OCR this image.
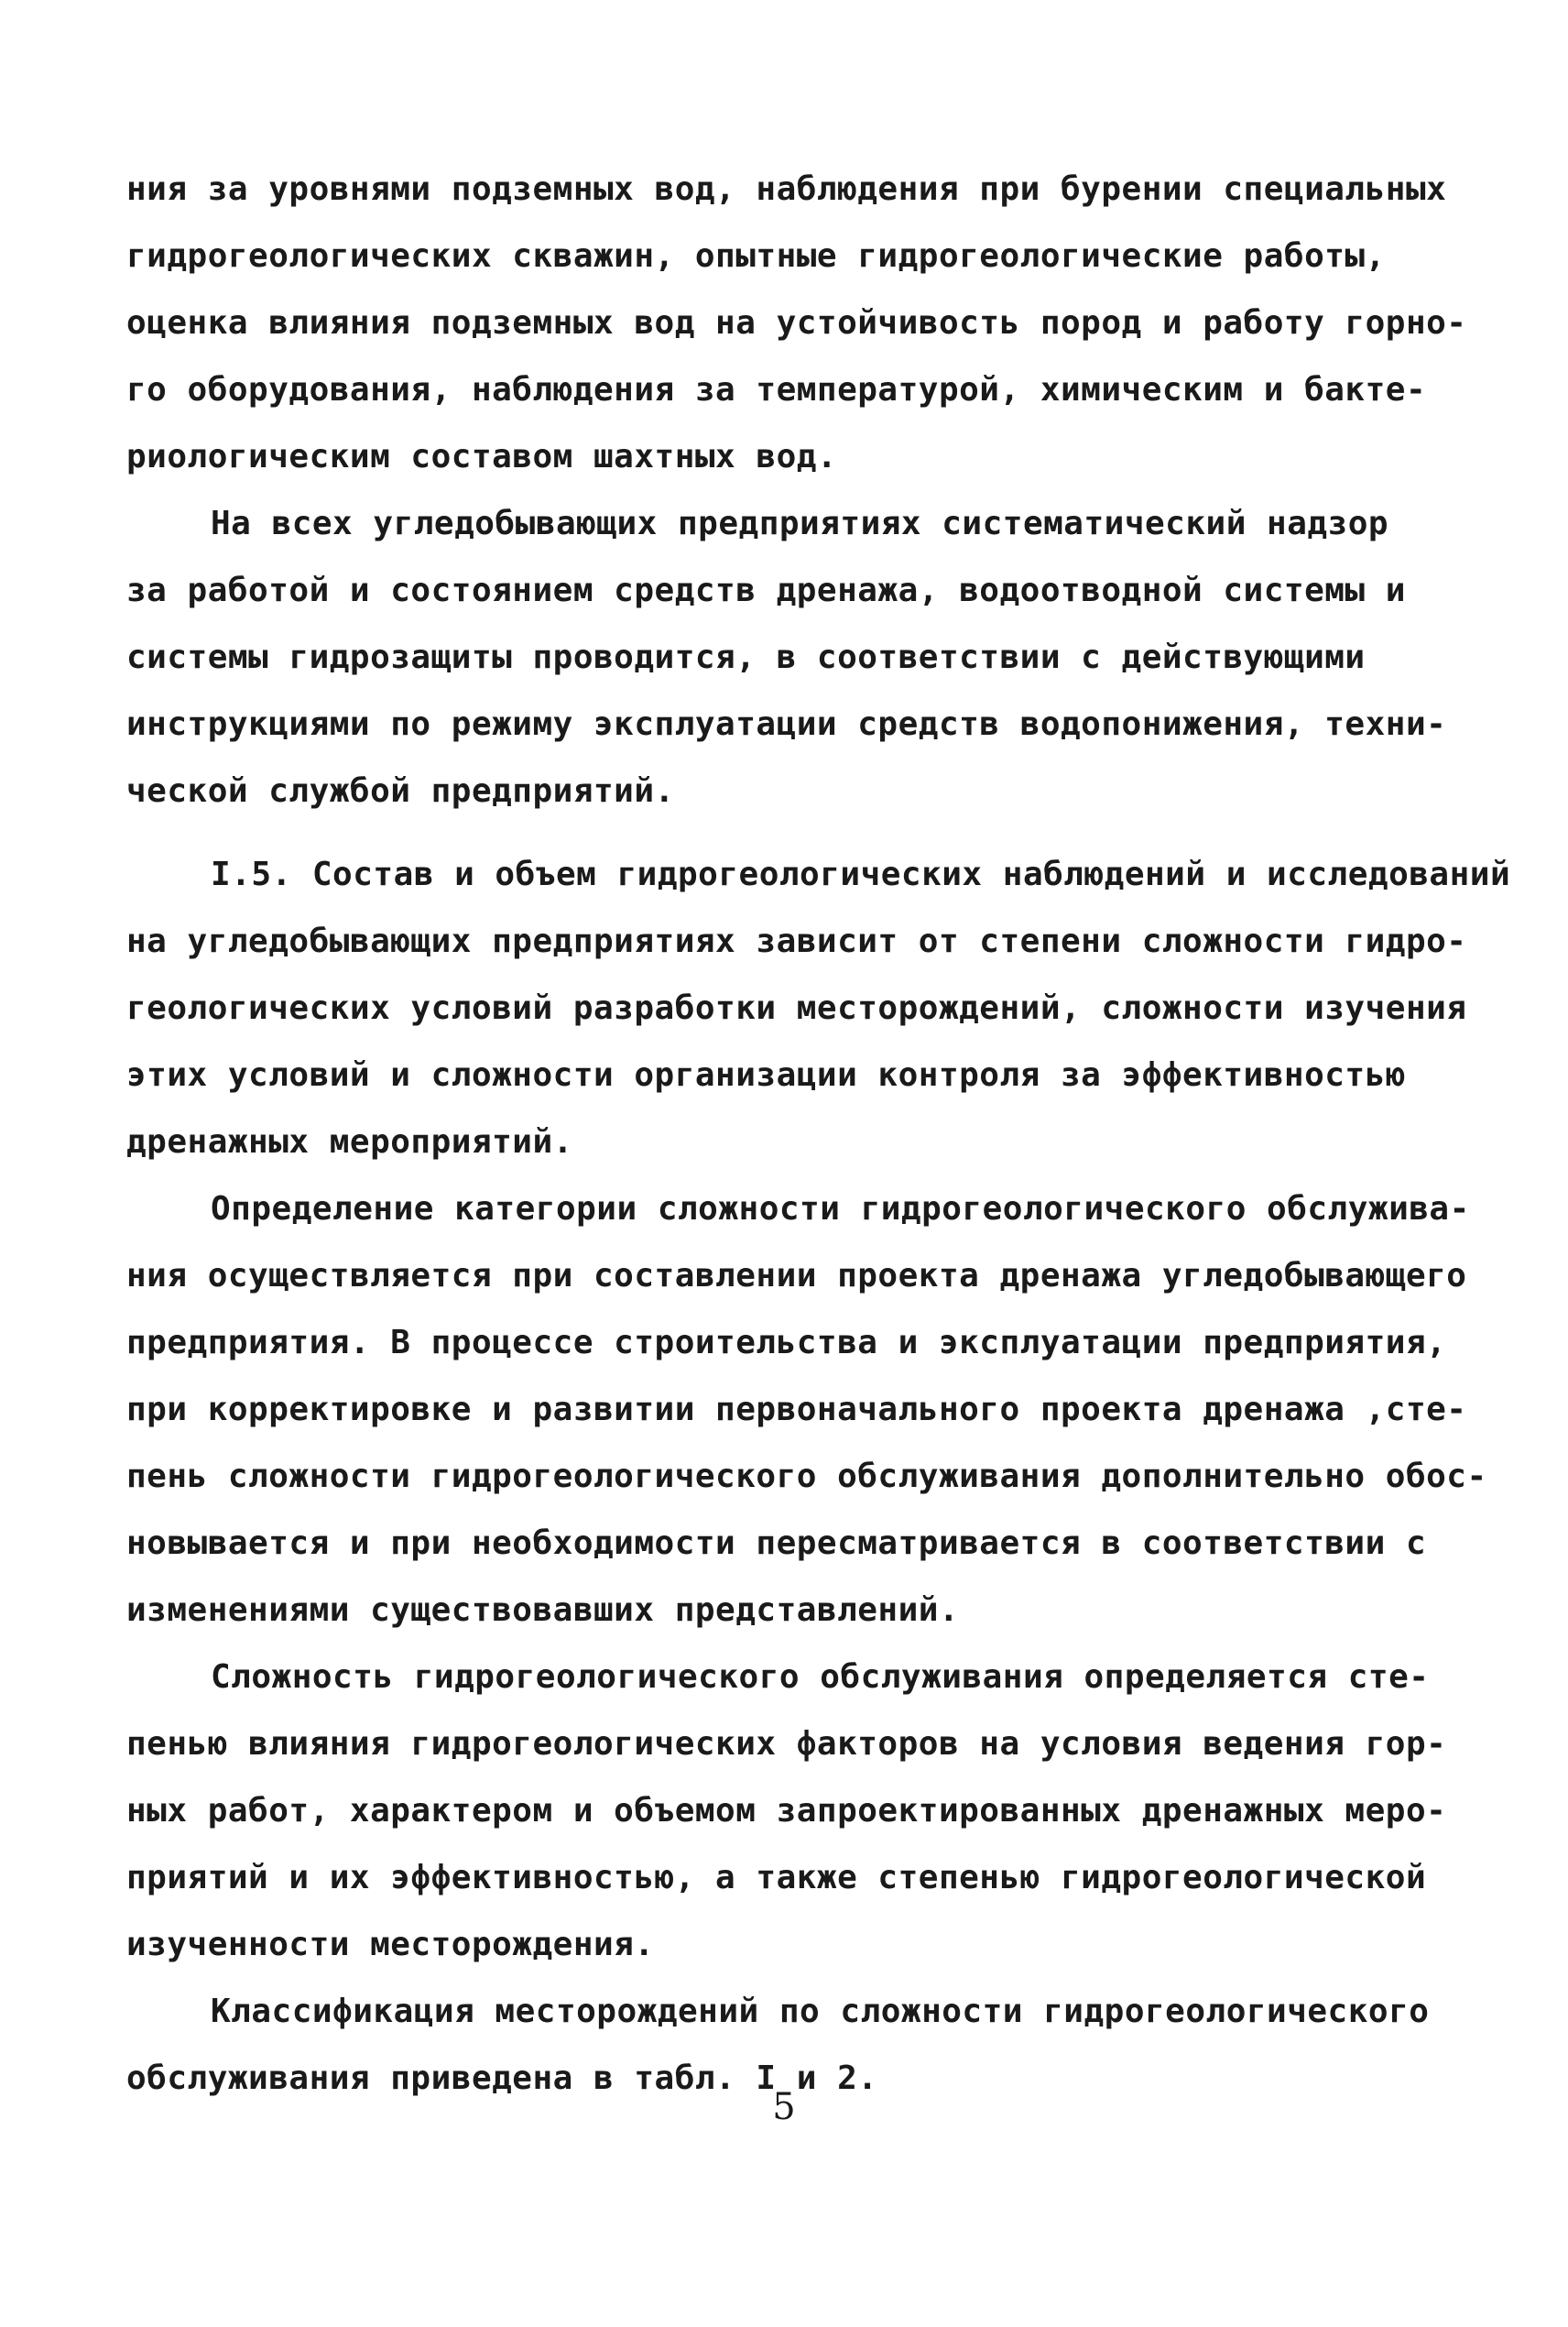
ния за уровнями подземных вод, наблюдения при бурении специальных
гидрогеологических скважин, опытные гидрогеологические работы,
оценка влияния подземных вод на устойчивость пород и работу горно-
го оборудования, наблюдения за температурой, химическим и бакте-
риологическим составом шахтных вод.
На всех угледобывающих предприятиях систематический надзор
за работой и состоянием средств дренажа, водоотводной системы и
системы гидрозащиты проводится, в соответствии с действующими
инструкциями по режиму эксплуатации средств водопонижения, техни-
ческой службой предприятий.
I.5. Состав и объем гидрогеологических наблюдений и исследований
на угледобывающих предприятиях зависит от степени сложности гидро-
геологических условий разработки месторождений, сложности изучения
этих условий и сложности организации контроля за эффективностью
дренажных мероприятий.
Определение категории сложности гидрогеологического обслужива-
ния осуществляется при составлении проекта дренажа угледобывающего
предприятия. В процессе строительства и эксплуатации предприятия,
при корректировке и развитии первоначального проекта дренажа ,сте-
пень сложности гидрогеологического обслуживания дополнительно обос-
новывается и при необходимости пересматривается в соответствии с
изменениями существовавших представлений.
Сложность гидрогеологического обслуживания определяется сте-
пенью влияния гидрогеологических факторов на условия ведения гор-
ных работ, характером и объемом запроектированных дренажных меро-
приятий и их эффективностью, а также степенью гидрогеологической
изученности месторождения.
Классификация месторождений по сложности гидрогеологического
обслуживания приведена в табл. I и 2.
5
